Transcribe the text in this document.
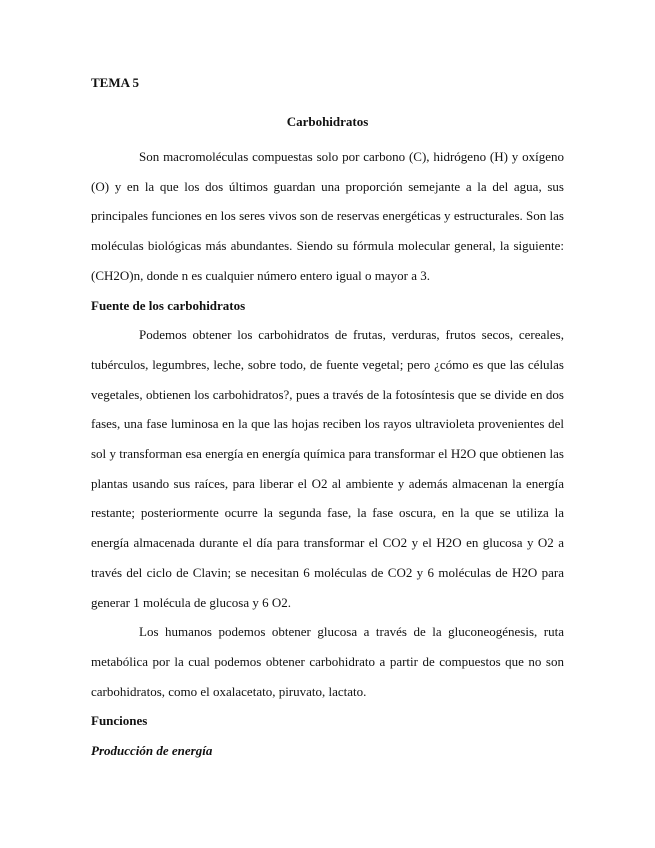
TEMA 5
Carbohidratos

Son macromoléculas compuestas solo por carbono (C), hidrógeno (H) y oxígeno (O) y en la que los dos últimos guardan una proporción semejante a la del agua, sus principales funciones en los seres vivos son de reservas energéticas y estructurales. Son las moléculas biológicas más abundantes. Siendo su fórmula molecular general, la siguiente: (CH2O)n, donde n es cualquier número entero igual o mayor a 3.

Fuente de los carbohidratos

Podemos obtener los carbohidratos de frutas, verduras, frutos secos, cereales, tubérculos, legumbres, leche, sobre todo, de fuente vegetal; pero ¿cómo es que las células vegetales, obtienen los carbohidratos?, pues a través de la fotosíntesis que se divide en dos fases, una fase luminosa en la que las hojas reciben los rayos ultravioleta provenientes del sol y transforman esa energía en energía química para transformar el H2O que obtienen las plantas usando sus raíces, para liberar el O2 al ambiente y además almacenan la energía restante; posteriormente ocurre la segunda fase, la fase oscura, en la que se utiliza la energía almacenada durante el día para transformar el CO2 y el H2O en glucosa y O2 a través del ciclo de Clavin; se necesitan 6 moléculas de CO2 y 6 moléculas de H2O para generar 1 molécula de glucosa y 6 O2.

Los humanos podemos obtener glucosa a través de la gluconeogénesis, ruta metabólica por la cual podemos obtener carbohidrato a partir de compuestos que no son carbohidratos, como el oxalacetato, piruvato, lactato.

Funciones
Producción de energía
